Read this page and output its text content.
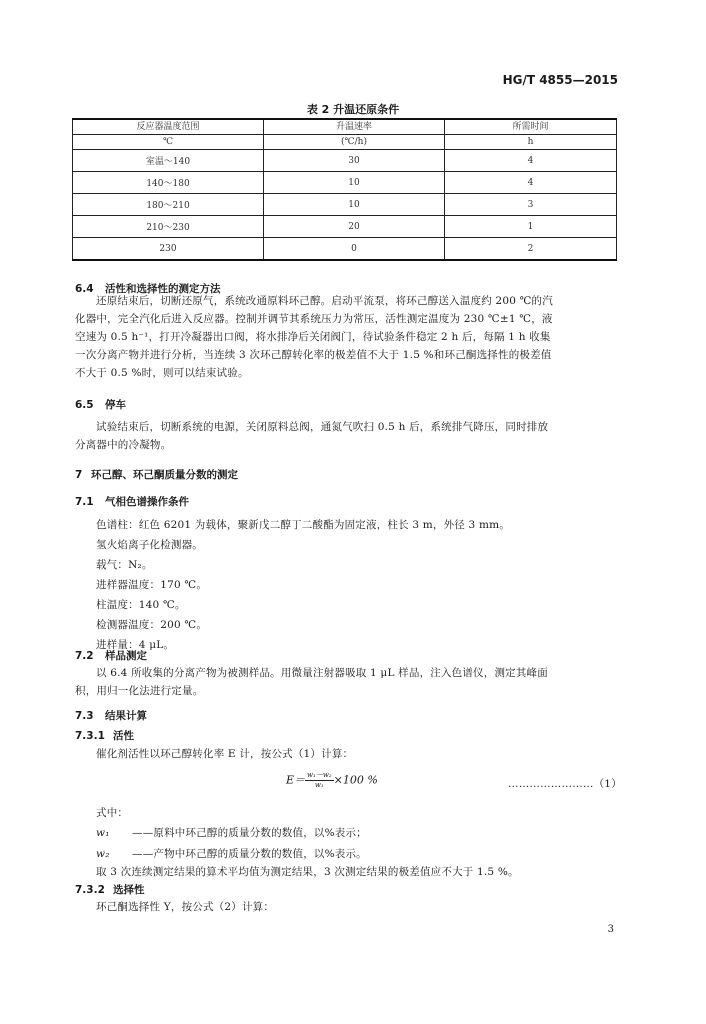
HG/T 4855—2015
表 2 升温还原条件
反应器温度范围	升温速率	所需时间
℃	(℃/h)	h
室温～140	30	4
140～180	10	4
180～210	10	3
210～230	20	1
230	0	2
6.4 活性和选择性的测定方法
还原结束后，切断还原气，系统改通原料环己醇。启动平流泵，将环己醇送入温度约 200 ℃的汽
化器中，完全汽化后进入反应器。控制并调节其系统压力为常压，活性测定温度为 230 ℃±1 ℃，液
空速为 0.5 h⁻¹，打开冷凝器出口阀，将水排净后关闭阀门，待试验条件稳定 2 h 后，每隔 1 h 收集
一次分离产物并进行分析，当连续 3 次环己醇转化率的极差值不大于 1.5 %和环己酮选择性的极差值
不大于 0.5 %时，则可以结束试验。
6.5 停车
试验结束后，切断系统的电源，关闭原料总阀，通氮气吹扫 0.5 h 后，系统排气降压，同时排放
分离器中的冷凝物。
7 环己醇、环己酮质量分数的测定
7.1 气相色谱操作条件
色谱柱：红色 6201 为载体，聚新戊二醇丁二酸酯为固定液，柱长 3 m，外径 3 mm。
氢火焰离子化检测器。
载气：N₂。
进样器温度：170 ℃。
柱温度：140 ℃。
检测器温度：200 ℃。
进样量：4 μL。
7.2 样品测定
以 6.4 所收集的分离产物为被测样品。用微量注射器吸取 1 μL 样品，注入色谱仪，测定其峰面
积，用归一化法进行定量。
7.3 结果计算
7.3.1 活性
催化剂活性以环己醇转化率 E 计，按公式（1）计算：
$E= \frac{\text{w₁－w₂}}{\text{w₁}} \times 100$ %	……………………（1）
式中：
w₁ ——原料中环己醇的质量分数的数值，以%表示；
w₂ ——产物中环己醇的质量分数的数值，以%表示。
取 3 次连续测定结果的算术平均值为测定结果，3 次测定结果的极差值应不大于 1.5 %。
7.3.2 选择性
环己酮选择性 Y，按公式（2）计算：
3
